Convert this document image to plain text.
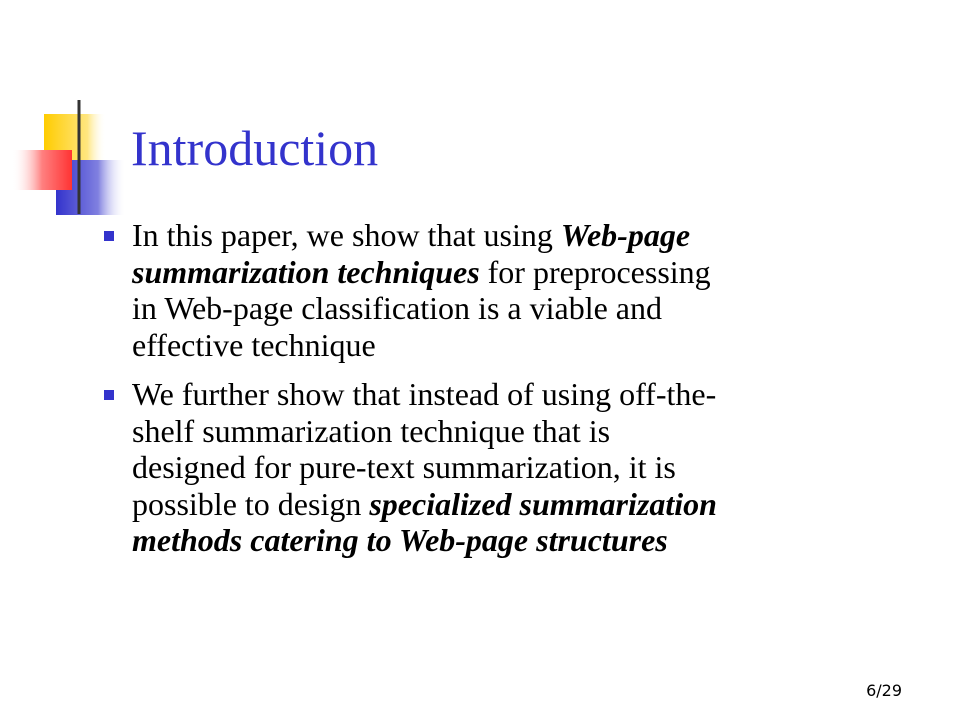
Introduction
In this paper, we show that using Web-page
summarization techniques for preprocessing
in Web-page classification is a viable and
effective technique
We further show that instead of using off-the-
shelf summarization technique that is
designed for pure-text summarization, it is
possible to design specialized summarization
methods catering to Web-page structures
6/29
